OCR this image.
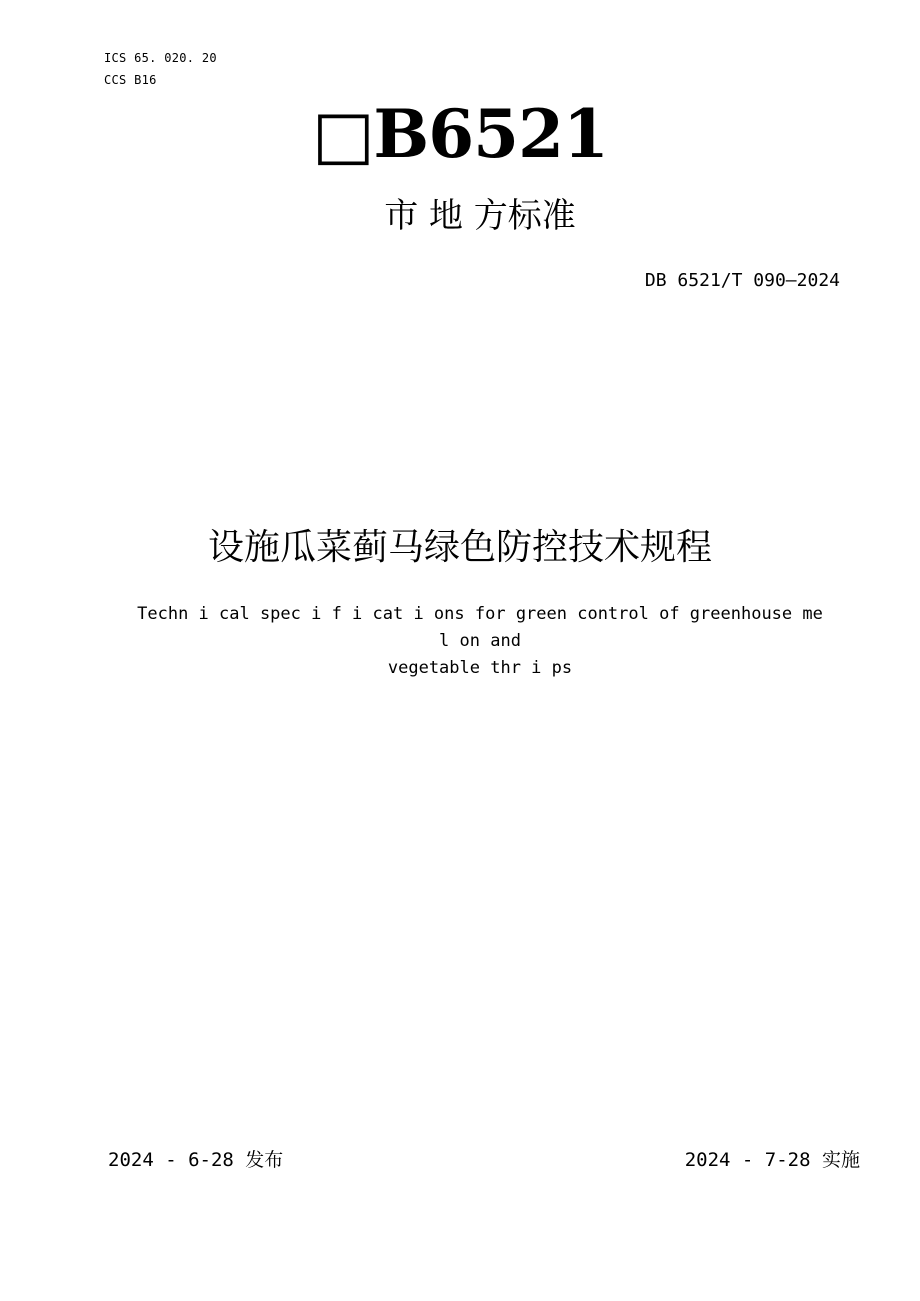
ICS 65. 020. 20
CCS B16
□B6521
市 地 方标准
DB 6521/T 090—2024
设施瓜菜蓟马绿色防控技术规程
Techn i cal spec i f i cat i ons for green control of greenhouse me
l on and
vegetable thr i ps
2024 - 6-28 发布	2024 - 7-28 实施
